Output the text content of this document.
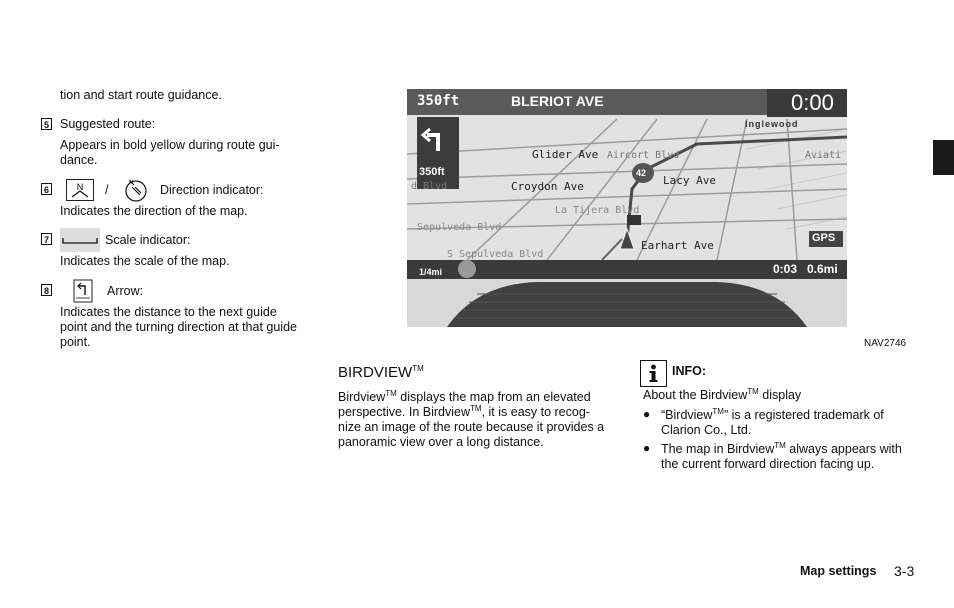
tion and start route guidance.
5 Suggested route:
Appears in bold yellow during route gui-
dance.
6	N /	N Direction indicator:
Indicates the direction of the map.
7	Scale indicator:
Indicates the scale of the map.
8	Arrow:
Indicates the distance to the next guide
point and the turning direction at that guide
point.
350ft	BLERIOT AVE	0:00
350ft
Inglewood
Glider Ave Aircort Blvd	Aviati
Croydon Ave	Lacy Ave
La Tijera Blvd
Sepulveda Blvd
S Sepulveda Blvd
Earhart Ave
d Blvd
42
GPS
1/4mi	0:03 0.6mi
NAV2746
BIRDVIEW™
Birdview™ displays the map from an elevated
perspective. In Birdview™, it is easy to recog-
nize an image of the route because it provides a
panoramic view over a long distance.
INFO:
About the Birdview™ display
● “Birdview™” is a registered trademark of
Clarion Co., Ltd.
● The map in Birdview™ always appears with
the current forward direction facing up.
Map settings 3-3
